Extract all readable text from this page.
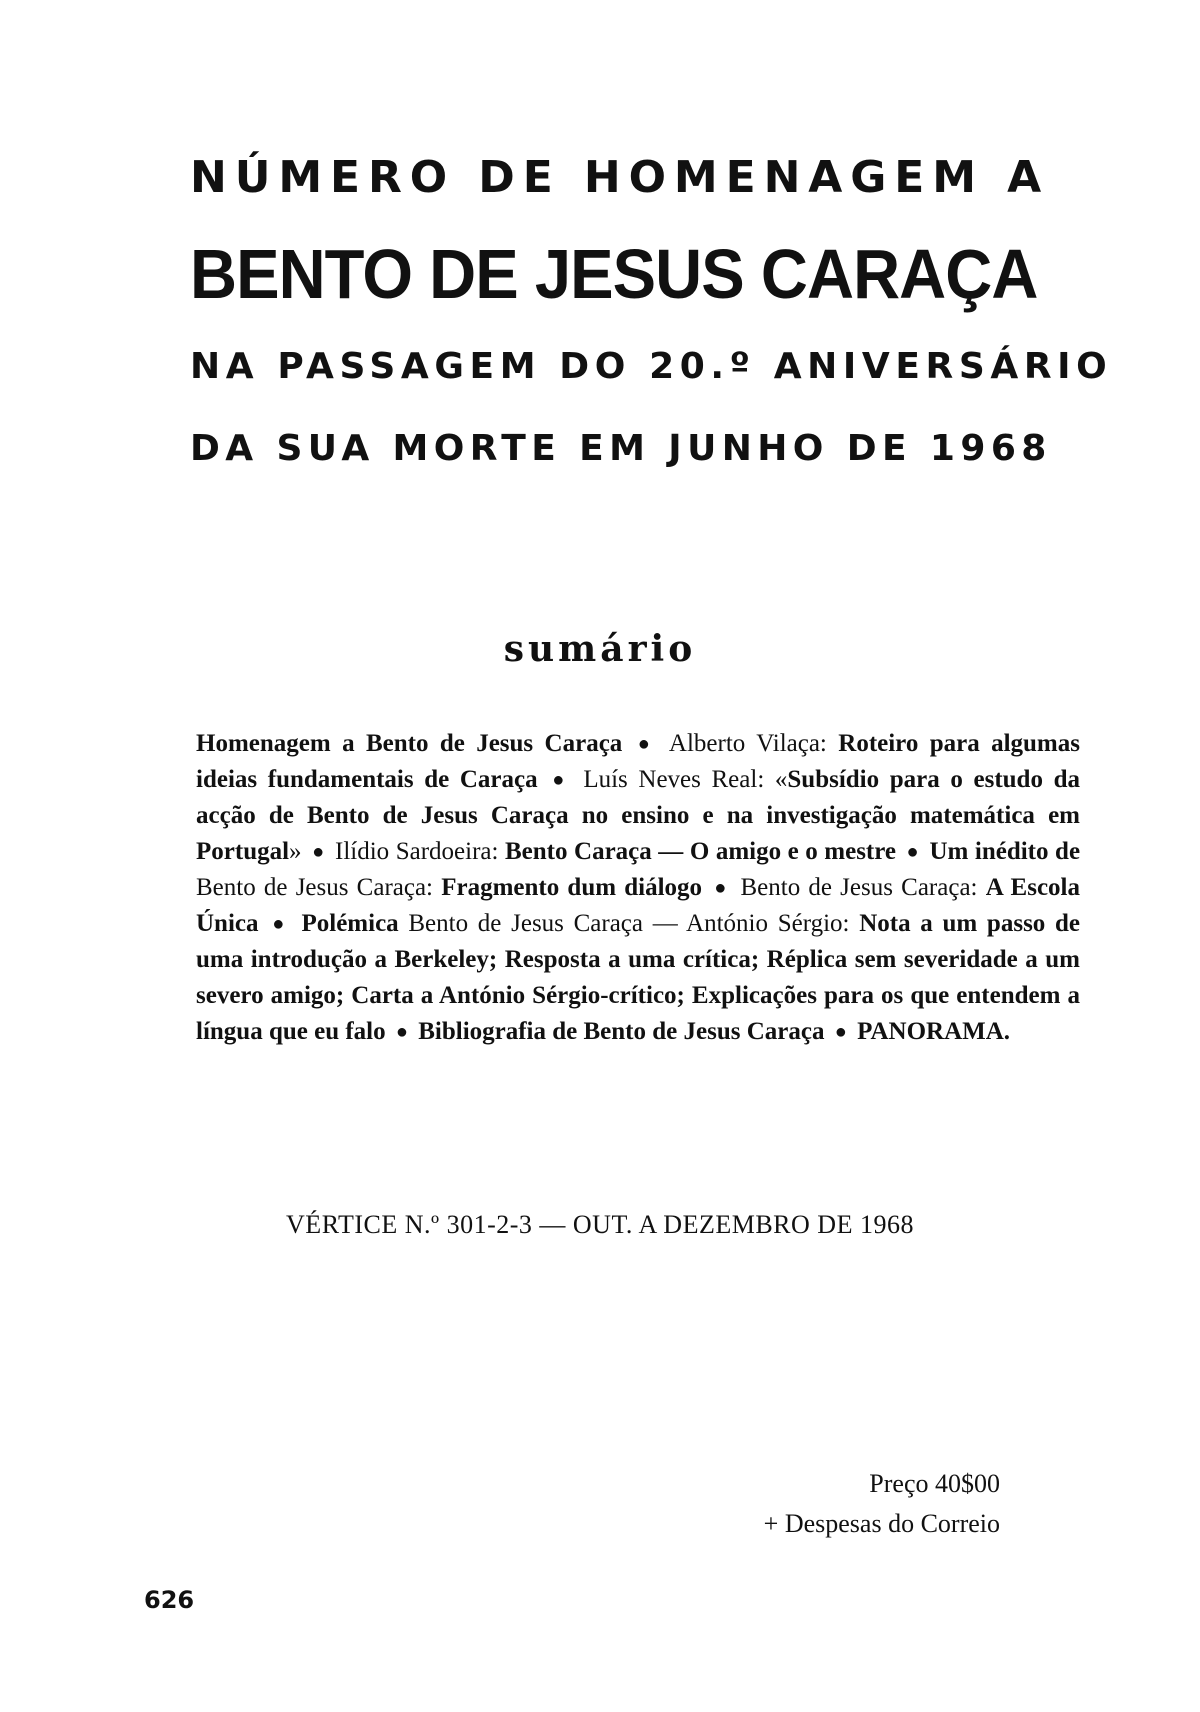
NÚMERO DE HOMENAGEM A
BENTO DE JESUS CARAÇA
NA PASSAGEM DO 20.º ANIVERSÁRIO
DA SUA MORTE EM JUNHO DE 1968
sumário

Homenagem a Bento de Jesus Caraça ● Alberto Vilaça: Roteiro para algumas ideias fundamentais de Caraça ● Luís Neves Real: «Subsídio para o estudo da acção de Bento de Jesus Caraça no ensino e na investigação matemática em Portugal» ● Ilídio Sardoeira: Bento Caraça — O amigo e o mestre ● Um inédito de Bento de Jesus Caraça: Fragmento dum diálogo ● Bento de Jesus Caraça: A Escola Única ● Polémica Bento de Jesus Caraça — António Sérgio: Nota a um passo de uma introdução a Berkeley; Resposta a uma crítica; Réplica sem severidade a um severo amigo; Carta a António Sérgio-crítico; Explicações para os que entendem a língua que eu falo ● Bibliografia de Bento de Jesus Caraça ● PANORAMA.

VÉRTICE N.º 301-2-3 — OUT. A DEZEMBRO DE 1968

Preço 40$00
+ Despesas do Correio
626
